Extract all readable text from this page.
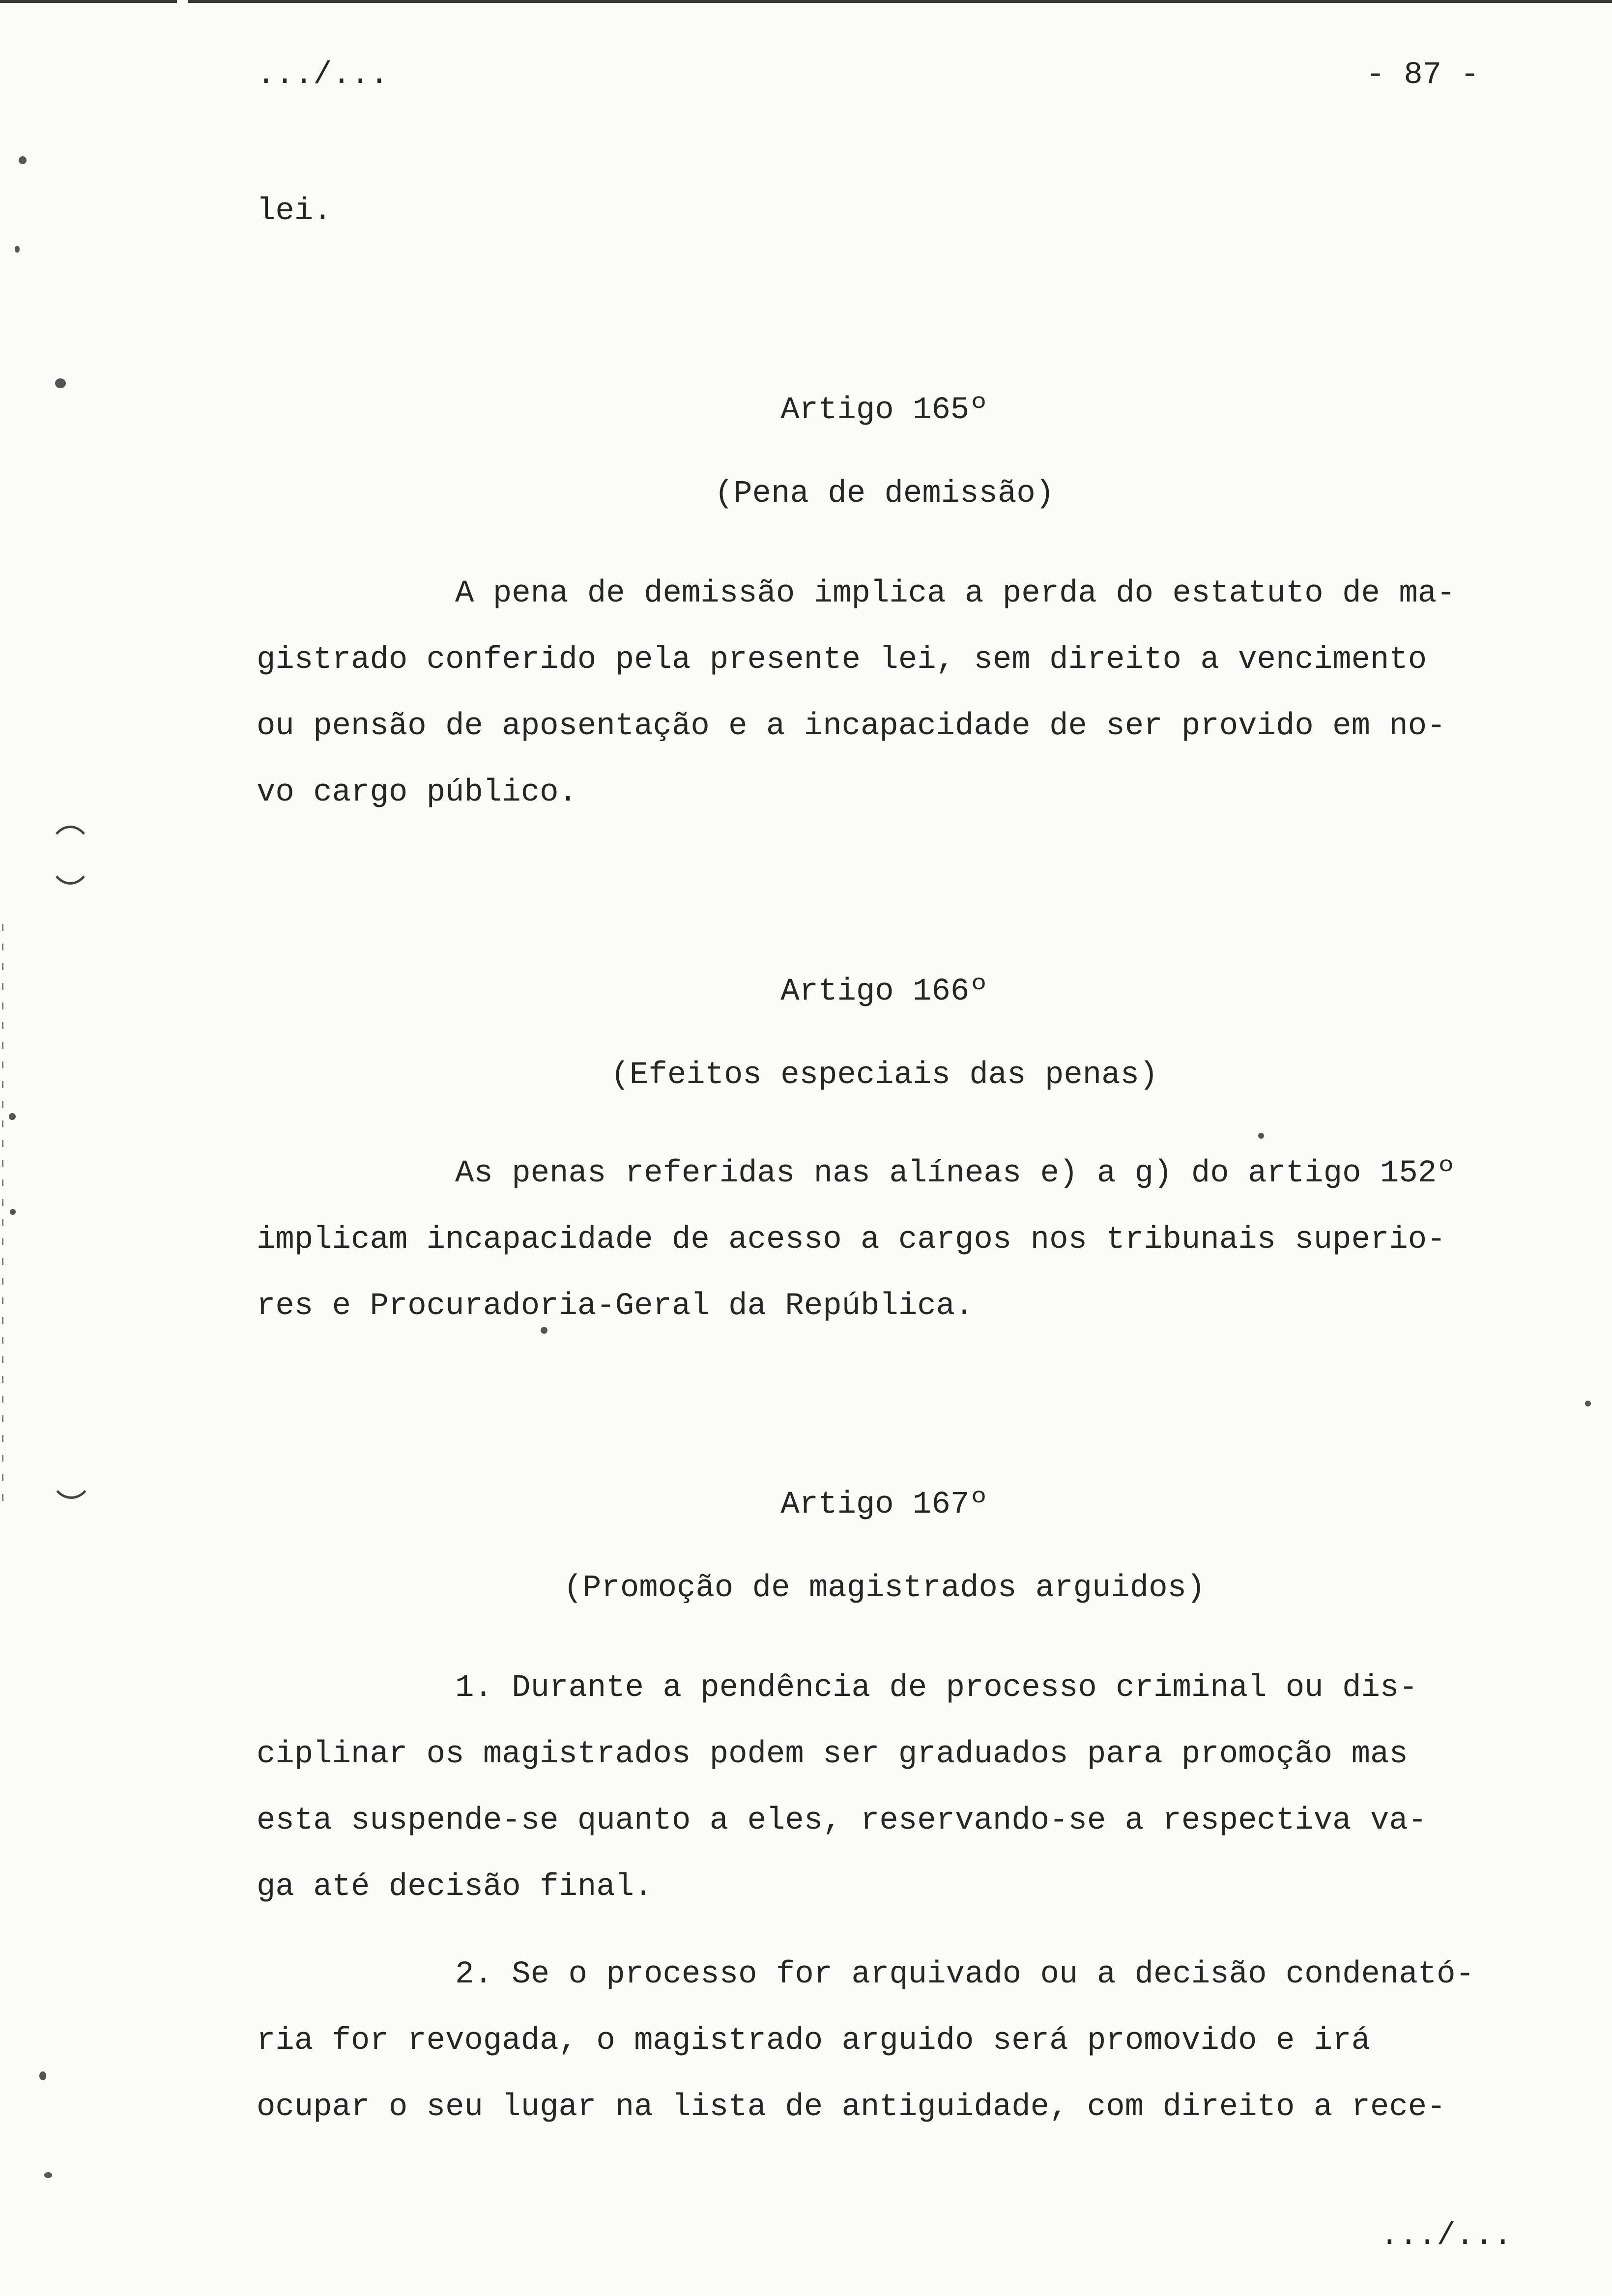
.../...	- 87 -

lei.

Artigo 165º

(Pena de demissão)

A pena de demissão implica a perda do estatuto de ma-

gistrado conferido pela presente lei, sem direito a vencimento

ou pensão de aposentação e a incapacidade de ser provido em no-

vo cargo público.

Artigo 166º

(Efeitos especiais das penas)

As penas referidas nas alíneas e) a g) do artigo 152º

implicam incapacidade de acesso a cargos nos tribunais superio-

res e Procuradoria-Geral da República.

Artigo 167º

(Promoção de magistrados arguidos)

1. Durante a pendência de processo criminal ou dis-

ciplinar os magistrados podem ser graduados para promoção mas

esta suspende-se quanto a eles, reservando-se a respectiva va-

ga até decisão final.

2. Se o processo for arquivado ou a decisão condenató-

ria for revogada, o magistrado arguido será promovido e irá

ocupar o seu lugar na lista de antiguidade, com direito a rece-

.../...
